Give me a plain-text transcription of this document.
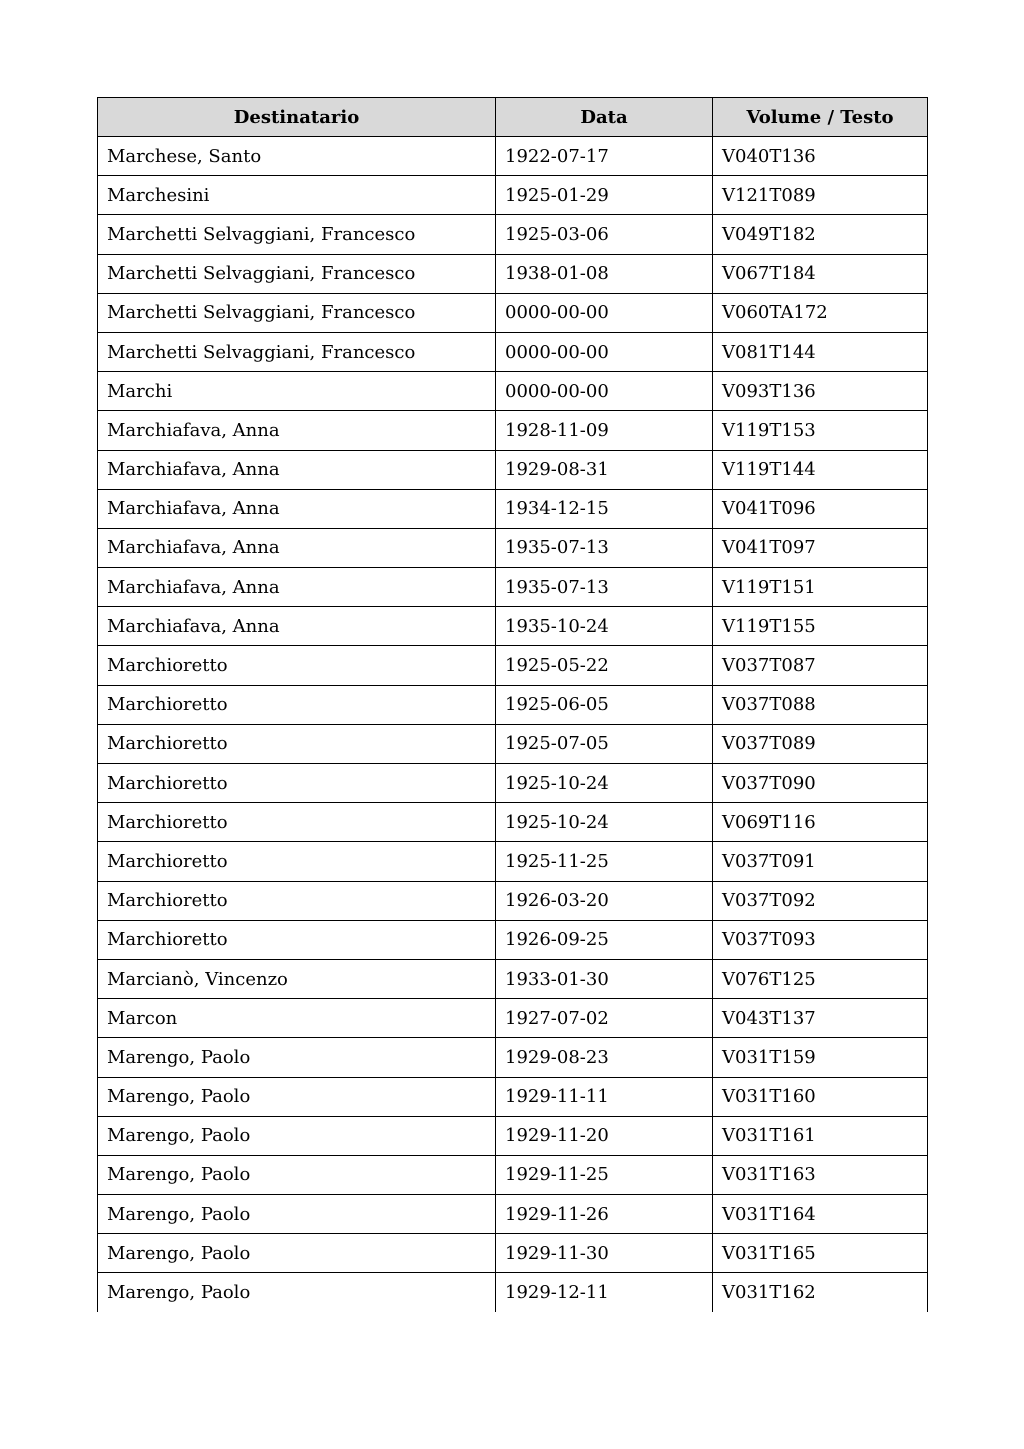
Destinatario	Data	Volume / Testo
Marchese, Santo	1922-07-17	V040T136
Marchesini	1925-01-29	V121T089
Marchetti Selvaggiani, Francesco	1925-03-06	V049T182
Marchetti Selvaggiani, Francesco	1938-01-08	V067T184
Marchetti Selvaggiani, Francesco	0000-00-00	V060TA172
Marchetti Selvaggiani, Francesco	0000-00-00	V081T144
Marchi	0000-00-00	V093T136
Marchiafava, Anna	1928-11-09	V119T153
Marchiafava, Anna	1929-08-31	V119T144
Marchiafava, Anna	1934-12-15	V041T096
Marchiafava, Anna	1935-07-13	V041T097
Marchiafava, Anna	1935-07-13	V119T151
Marchiafava, Anna	1935-10-24	V119T155
Marchioretto	1925-05-22	V037T087
Marchioretto	1925-06-05	V037T088
Marchioretto	1925-07-05	V037T089
Marchioretto	1925-10-24	V037T090
Marchioretto	1925-10-24	V069T116
Marchioretto	1925-11-25	V037T091
Marchioretto	1926-03-20	V037T092
Marchioretto	1926-09-25	V037T093
Marcianò, Vincenzo	1933-01-30	V076T125
Marcon	1927-07-02	V043T137
Marengo, Paolo	1929-08-23	V031T159
Marengo, Paolo	1929-11-11	V031T160
Marengo, Paolo	1929-11-20	V031T161
Marengo, Paolo	1929-11-25	V031T163
Marengo, Paolo	1929-11-26	V031T164
Marengo, Paolo	1929-11-30	V031T165
Marengo, Paolo	1929-12-11	V031T162
